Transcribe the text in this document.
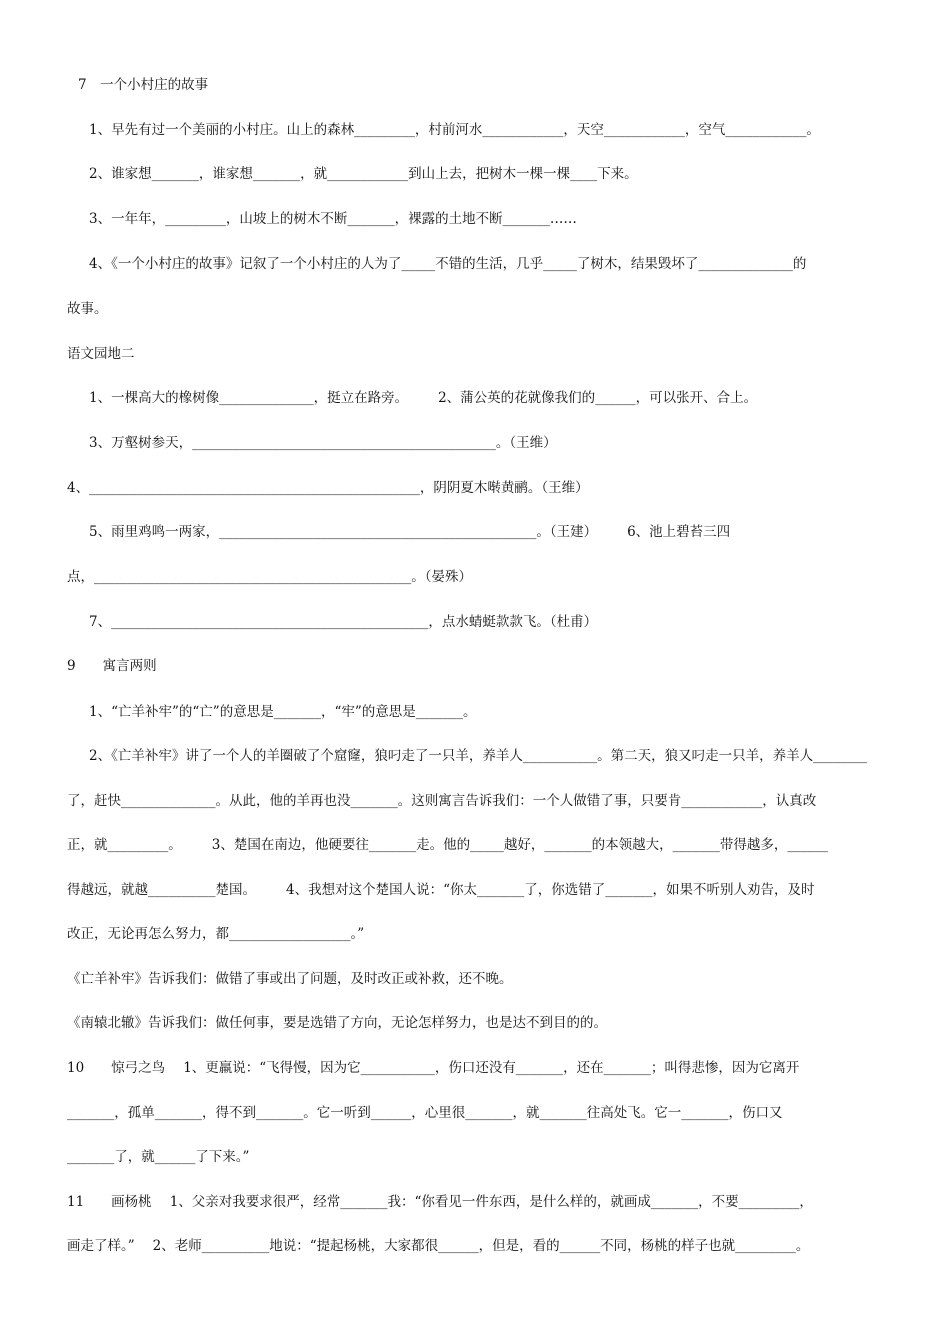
7　一个小村庄的故事
1、早先有过一个美丽的小村庄。山上的森林_________，村前河水____________，天空____________，空气____________。
2、谁家想_______，谁家想_______，就____________到山上去，把树木一棵一棵____下来。
3、一年年，_________，山坡上的树木不断_______，裸露的土地不断_______……
4、《一个小村庄的故事》记叙了一个小村庄的人为了_____不错的生活，几乎_____了树木，结果毁坏了______________的
故事。
语文园地二
1、一棵高大的橡树像______________，挺立在路旁。 2、蒲公英的花就像我们的______，可以张开、合上。
3、万壑树参天，_____________________________________________。（王维）
4、_________________________________________________，阴阴夏木啭黄鹂。（王维）
5、雨里鸡鸣一两家，_______________________________________________。（王建） 6、池上碧苔三四
点，_______________________________________________。（晏殊）
7、_______________________________________________，点水蜻蜓款款飞。（杜甫）
9　　寓言两则
1、“亡羊补牢”的“亡”的意思是_______，“牢”的意思是_______。
2、《亡羊补牢》讲了一个人的羊圈破了个窟窿，狼叼走了一只羊，养羊人___________。第二天，狼又叼走一只羊，养羊人________
了，赶快______________。从此，他的羊再也没_______。这则寓言告诉我们：一个人做错了事，只要肯____________，认真改
正，就_________。 3、楚国在南边，他硬要往_______走。他的_____越好，_______的本领越大，_______带得越多，______
得越远，就越__________楚国。 4、我想对这个楚国人说：“你太_______了，你选错了_______，如果不听别人劝告，及时
改正，无论再怎么努力，都__________________。”
《亡羊补牢》告诉我们：做错了事或出了问题，及时改正或补救，还不晚。
《南辕北辙》告诉我们：做任何事，要是选错了方向，无论怎样努力，也是达不到目的的。
10　　惊弓之鸟 1、更羸说：“飞得慢，因为它___________，伤口还没有_______，还在_______；叫得悲惨，因为它离开
_______，孤单_______，得不到_______。它一听到______，心里很_______，就_______往高处飞。它一_______，伤口又
_______了，就______了下来。”
11　　画杨桃 1、父亲对我要求很严，经常_______我：“你看见一件东西，是什么样的，就画成_______，不要_________，
画走了样。” 2、老师__________地说：“提起杨桃，大家都很______，但是，看的______不同，杨桃的样子也就_________。
